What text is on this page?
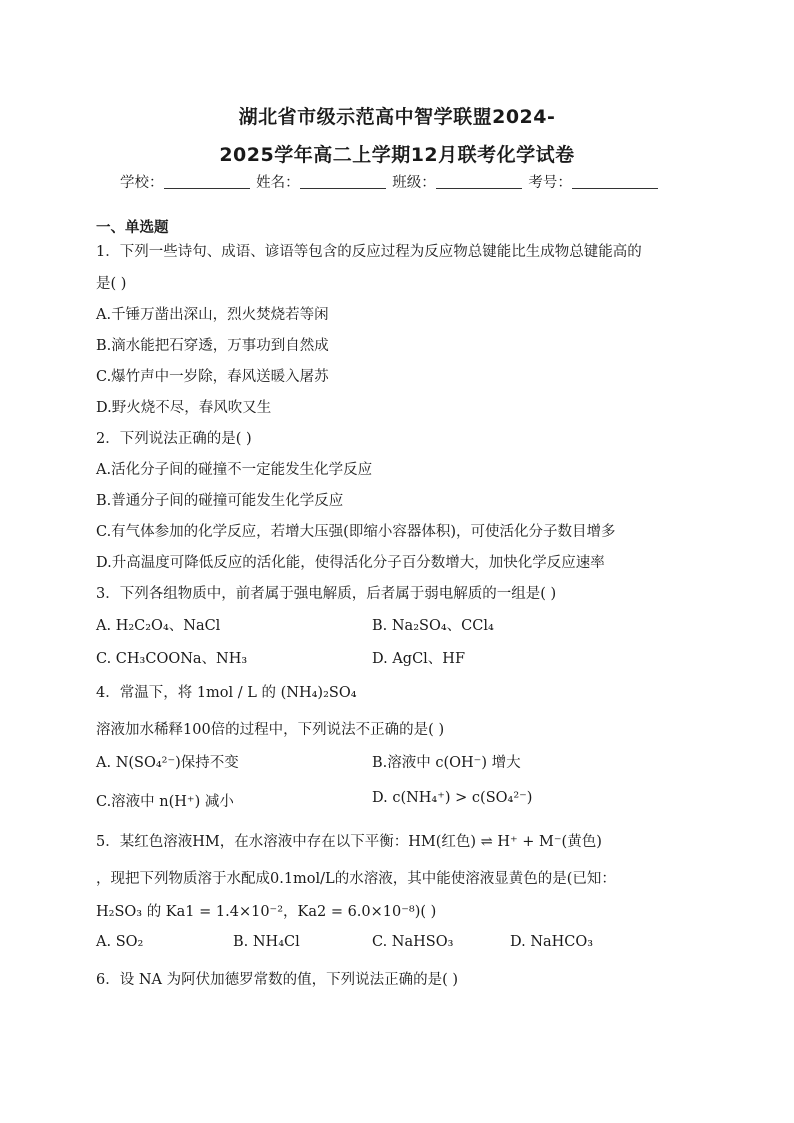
湖北省市级示范高中智学联盟2024-
2025学年高二上学期12月联考化学试卷
学校：	姓名：	班级：	考号：
一、单选题
1．下列一些诗句、成语、谚语等包含的反应过程为反应物总键能比生成物总键能高的
是( )
A.千锤万凿出深山，烈火焚烧若等闲
B.滴水能把石穿透，万事功到自然成
C.爆竹声中一岁除，春风送暖入屠苏
D.野火烧不尽，春风吹又生
2．下列说法正确的是( )
A.活化分子间的碰撞不一定能发生化学反应
B.普通分子间的碰撞可能发生化学反应
C.有气体参加的化学反应，若增大压强(即缩小容器体积)，可使活化分子数目增多
D.升高温度可降低反应的活化能，使得活化分子百分数增大，加快化学反应速率
3．下列各组物质中，前者属于强电解质，后者属于弱电解质的一组是( )
A. H₂C₂O₄、NaCl	B. Na₂SO₄、CCl₄
C. CH₃COONa、NH₃	D. AgCl、HF
4．常温下，将 1mol / L 的 (NH₄)₂SO₄
溶液加水稀释100倍的过程中，下列说法不正确的是( )
A. N(SO₄²⁻)保持不变	B.溶液中 c(OH⁻) 增大
C.溶液中 n(H⁺) 减小	D. c(NH₄⁺) > c(SO₄²⁻)
5．某红色溶液HM，在水溶液中存在以下平衡：HM(红色) ⇌ H⁺ + M⁻(黄色)
，现把下列物质溶于水配成0.1mol/L的水溶液，其中能使溶液显黄色的是(已知：
H₂SO₃ 的 Ka1 = 1.4×10⁻²，Ka2 = 6.0×10⁻⁸)( )
A. SO₂	B. NH₄Cl	C. NaHSO₃	D. NaHCO₃
6．设 NA 为阿伏加德罗常数的值，下列说法正确的是( )
